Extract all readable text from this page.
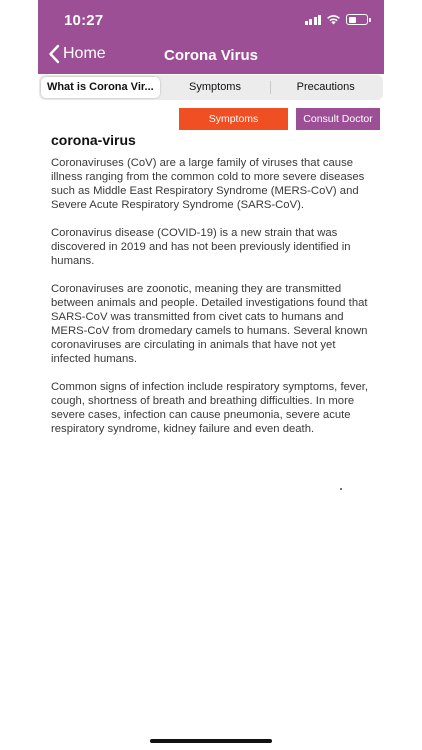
10:27
Home	Corona Virus
What is Corona Vir...	Symptoms	Precautions
Symptoms Screening
Consult Doctor
corona-virus

Coronaviruses (CoV) are a large family of viruses that cause illness ranging from the common cold to more severe diseases such as Middle East Respiratory Syndrome (MERS-CoV) and Severe Acute Respiratory Syndrome (SARS-CoV).

Coronavirus disease (COVID-19) is a new strain that was discovered in 2019 and has not been previously identified in humans.

Coronaviruses are zoonotic, meaning they are transmitted between animals and people. Detailed investigations found that SARS-CoV was transmitted from civet cats to humans and MERS-CoV from dromedary camels to humans. Several known coronaviruses are circulating in animals that have not yet infected humans.

Common signs of infection include respiratory symptoms, fever, cough, shortness of breath and breathing difficulties. In more severe cases, infection can cause pneumonia, severe acute respiratory syndrome, kidney failure and even death.
